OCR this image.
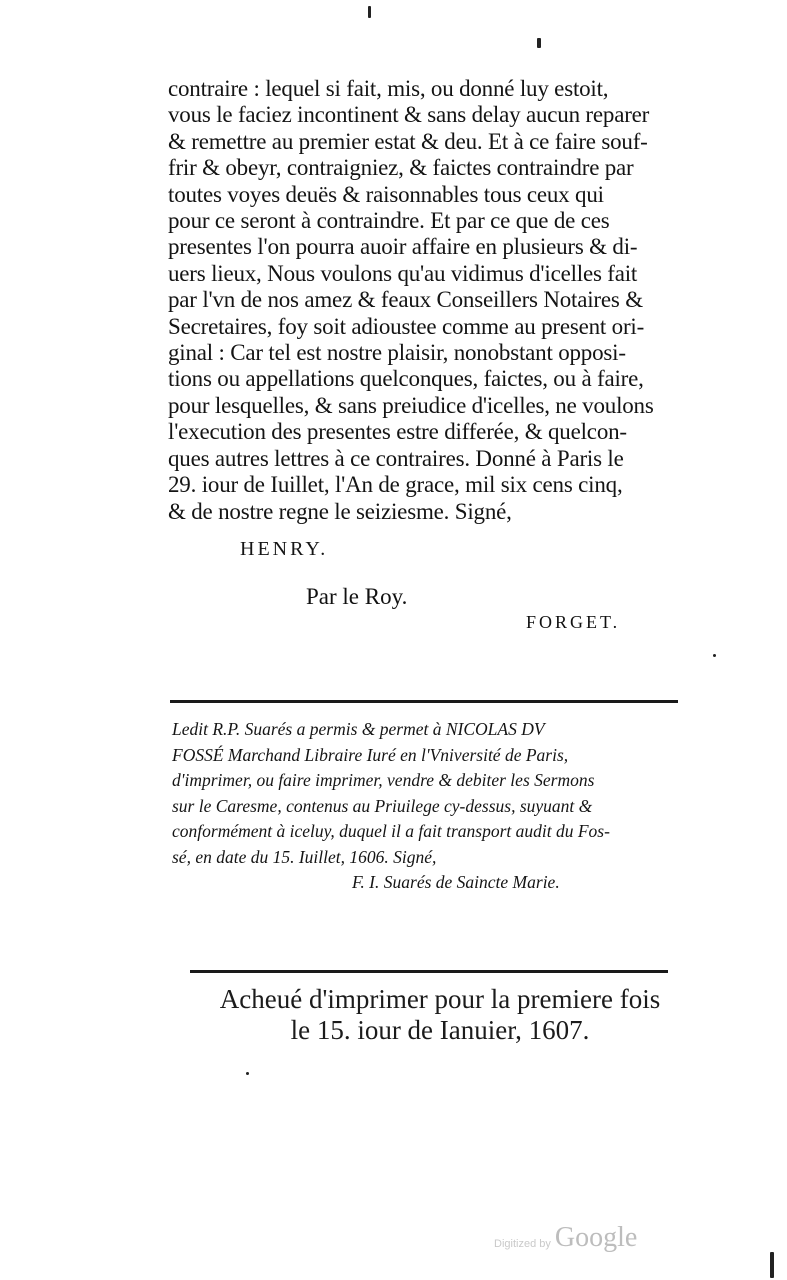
contraire : lequel si fait, mis, ou donné luy estoit,
vous le faciez incontinent & sans delay aucun reparer
& remettre au premier estat & deu. Et à ce faire souf-
frir & obeyr, contraigniez, & faictes contraindre par
toutes voyes deuës & raisonnables tous ceux qui
pour ce seront à contraindre. Et par ce que de ces
presentes l'on pourra auoir affaire en plusieurs & di-
uers lieux, Nous voulons qu'au vidimus d'icelles fait
par l'vn de nos amez & feaux Conseillers Notaires &
Secretaires, foy soit adioustee comme au present ori-
ginal : Car tel est nostre plaisir, nonobstant opposi-
tions ou appellations quelconques, faictes, ou à faire,
pour lesquelles, & sans preiudice d'icelles, ne voulons
l'execution des presentes estre differée, & quelcon-
ques autres lettres à ce contraires. Donné à Paris le
29. iour de Iuillet, l'An de grace, mil six cens cinq,
& de nostre regne le seiziesme. Signé,
HENRY.
Par le Roy.
FORGET.
Ledit R.P. Suarés a permis & permet à NICOLAS DV
FOSSÉ Marchand Libraire Iuré en l'Vniversité de Paris,
d'imprimer, ou faire imprimer, vendre & debiter les Sermons
sur le Caresme, contenus au Priuilege cy-dessus, suyuant &
conformément à iceluy, duquel il a fait transport audit du Fos-
sé, en date du 15. Iuillet, 1606. Signé,
F. I. Suarés de Saincte Marie.
Acheué d'imprimer pour la premiere fois
le 15. iour de Ianuier, 1607.
Digitized by Google
